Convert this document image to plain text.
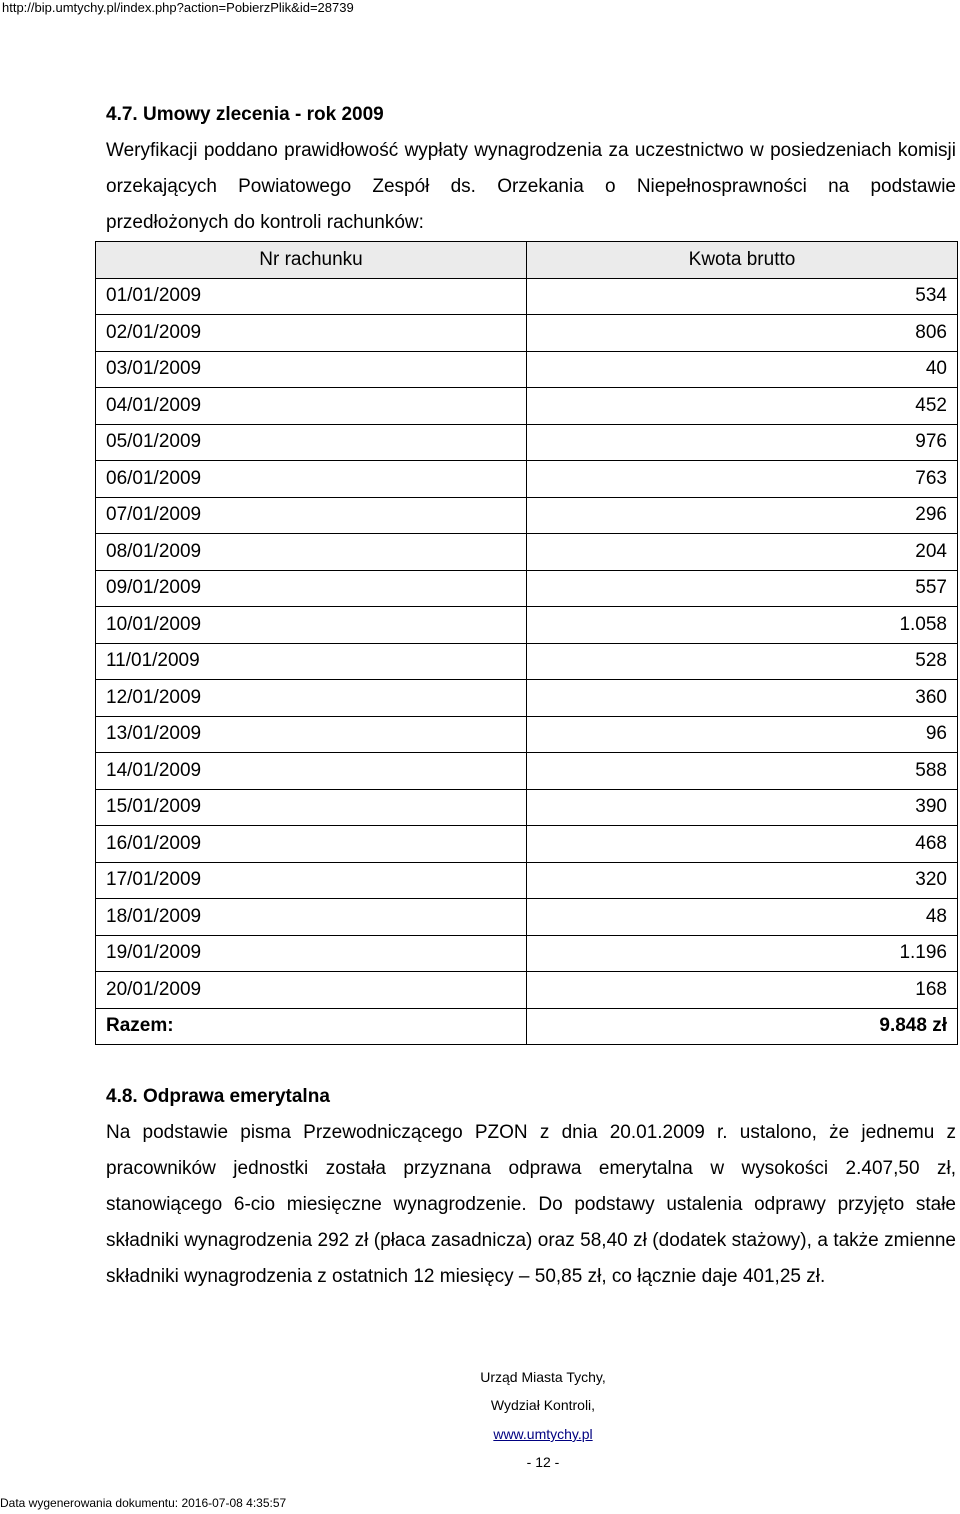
http://bip.umtychy.pl/index.php?action=PobierzPlik&id=28739

4.7. Umowy zlecenia - rok 2009

Weryfikacji poddano prawidłowość wypłaty wynagrodzenia za uczestnictwo w posiedzeniach komisji orzekających Powiatowego Zespół ds. Orzekania o Niepełnosprawności na podstawie przedłożonych do kontroli rachunków:

Nr rachunku	Kwota brutto
01/01/2009	534
02/01/2009	806
03/01/2009	40
04/01/2009	452
05/01/2009	976
06/01/2009	763
07/01/2009	296
08/01/2009	204
09/01/2009	557
10/01/2009	1.058
11/01/2009	528
12/01/2009	360
13/01/2009	96
14/01/2009	588
15/01/2009	390
16/01/2009	468
17/01/2009	320
18/01/2009	48
19/01/2009	1.196
20/01/2009	168
Razem:	9.848 zł

4.8. Odprawa emerytalna

Na podstawie pisma Przewodniczącego PZON z dnia 20.01.2009 r. ustalono, że jednemu z pracowników jednostki została przyznana odprawa emerytalna w wysokości 2.407,50 zł, stanowiącego 6-cio miesięczne wynagrodzenie. Do podstawy ustalenia odprawy przyjęto stałe składniki wynagrodzenia 292 zł (płaca zasadnicza) oraz 58,40 zł (dodatek stażowy), a także zmienne składniki wynagrodzenia z ostatnich 12 miesięcy – 50,85 zł, co łącznie daje 401,25 zł.

Urząd Miasta Tychy,
Wydział Kontroli,
www.umtychy.pl
- 12 -
Data wygenerowania dokumentu: 2016-07-08 4:35:57
